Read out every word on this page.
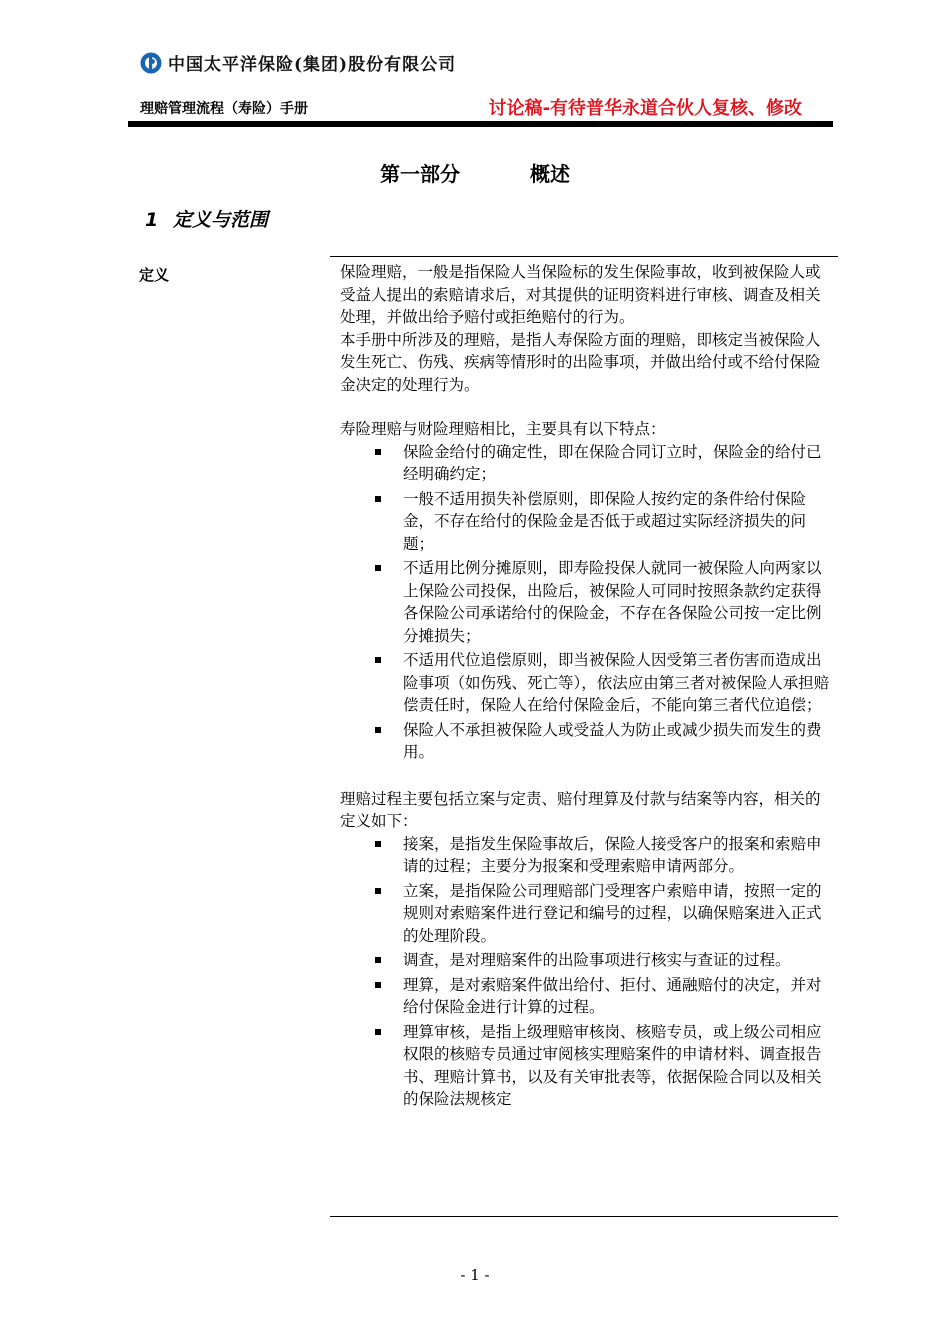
中国太平洋保险(集团)股份有限公司
理赔管理流程（寿险）手册	讨论稿-有待普华永道合伙人复核、修改
第一部分	概述
1 定义与范围
定义	保险理赔，一般是指保险人当保险标的发生保险事故，收到被保险人或受益人提出的索赔请求后，对其提供的证明资料进行审核、调查及相关处理，并做出给予赔付或拒绝赔付的行为。

本手册中所涉及的理赔，是指人寿保险方面的理赔，即核定当被保险人发生死亡、伤残、疾病等情形时的出险事项，并做出给付或不给付保险金决定的处理行为。

寿险理赔与财险理赔相比，主要具有以下特点：

保险金给付的确定性，即在保险合同订立时，保险金的给付已经明确约定；
一般不适用损失补偿原则，即保险人按约定的条件给付保险金，不存在给付的保险金是否低于或超过实际经济损失的问题；
不适用比例分摊原则，即寿险投保人就同一被保险人向两家以上保险公司投保，出险后，被保险人可同时按照条款约定获得各保险公司承诺给付的保险金，不存在各保险公司按一定比例分摊损失；
不适用代位追偿原则，即当被保险人因受第三者伤害而造成出险事项（如伤残、死亡等），依法应由第三者对被保险人承担赔偿责任时，保险人在给付保险金后，不能向第三者代位追偿；
保险人不承担被保险人或受益人为防止或减少损失而发生的费用。

理赔过程主要包括立案与定责、赔付理算及付款与结案等内容，相关的定义如下：

接案，是指发生保险事故后，保险人接受客户的报案和索赔申请的过程；主要分为报案和受理索赔申请两部分。
立案，是指保险公司理赔部门受理客户索赔申请，按照一定的规则对索赔案件进行登记和编号的过程，以确保赔案进入正式的处理阶段。
调查，是对理赔案件的出险事项进行核实与查证的过程。
理算，是对索赔案件做出给付、拒付、通融赔付的决定，并对给付保险金进行计算的过程。
理算审核，是指上级理赔审核岗、核赔专员，或上级公司相应权限的核赔专员通过审阅核实理赔案件的申请材料、调查报告书、理赔计算书，以及有关审批表等，依据保险合同以及相关的保险法规核定
- 1 -
